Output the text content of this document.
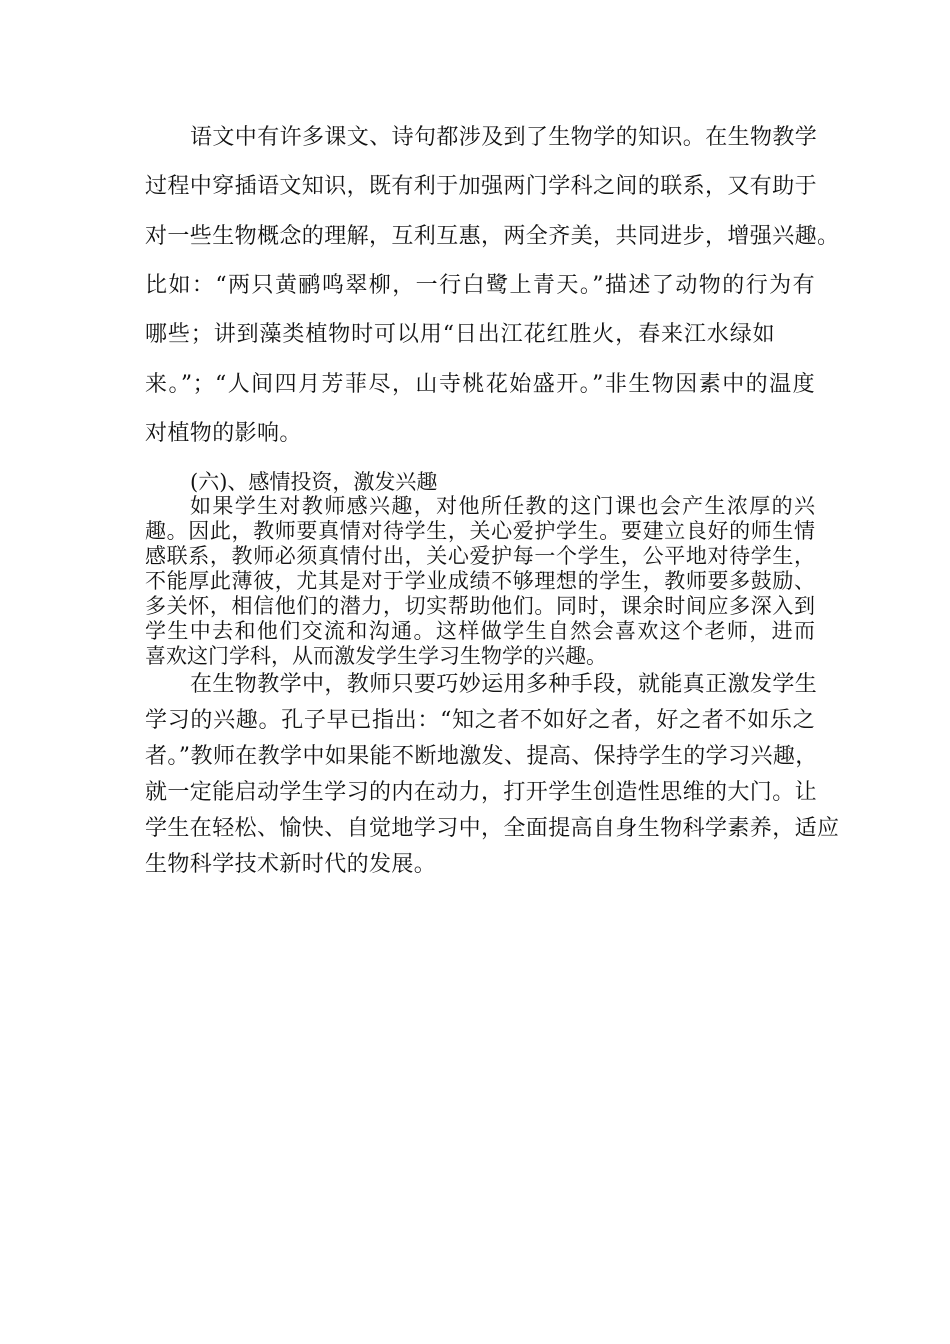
语文中有许多课文、诗句都涉及到了生物学的知识。在生物教学
过程中穿插语文知识，既有利于加强两门学科之间的联系，又有助于
对一些生物概念的理解，互利互惠，两全齐美，共同进步，增强兴趣。
比如：“两只黄鹂鸣翠柳，一行白鹭上青天。”描述了动物的行为有
哪些；讲到藻类植物时可以用“日出江花红胜火，春来江水绿如
来。”；“人间四月芳菲尽，山寺桃花始盛开。”非生物因素中的温度
对植物的影响。
(六)、感情投资，激发兴趣
如果学生对教师感兴趣，对他所任教的这门课也会产生浓厚的兴
趣。因此，教师要真情对待学生，关心爱护学生。要建立良好的师生情
感联系，教师必须真情付出，关心爱护每一个学生，公平地对待学生，
不能厚此薄彼，尤其是对于学业成绩不够理想的学生，教师要多鼓励、
多关怀，相信他们的潜力，切实帮助他们。同时，课余时间应多深入到
学生中去和他们交流和沟通。这样做学生自然会喜欢这个老师，进而
喜欢这门学科，从而激发学生学习生物学的兴趣。
在生物教学中，教师只要巧妙运用多种手段，就能真正激发学生
学习的兴趣。孔子早已指出：“知之者不如好之者，好之者不如乐之
者。”教师在教学中如果能不断地激发、提高、保持学生的学习兴趣，
就一定能启动学生学习的内在动力，打开学生创造性思维的大门。让
学生在轻松、愉快、自觉地学习中，全面提高自身生物科学素养，适应
生物科学技术新时代的发展。
